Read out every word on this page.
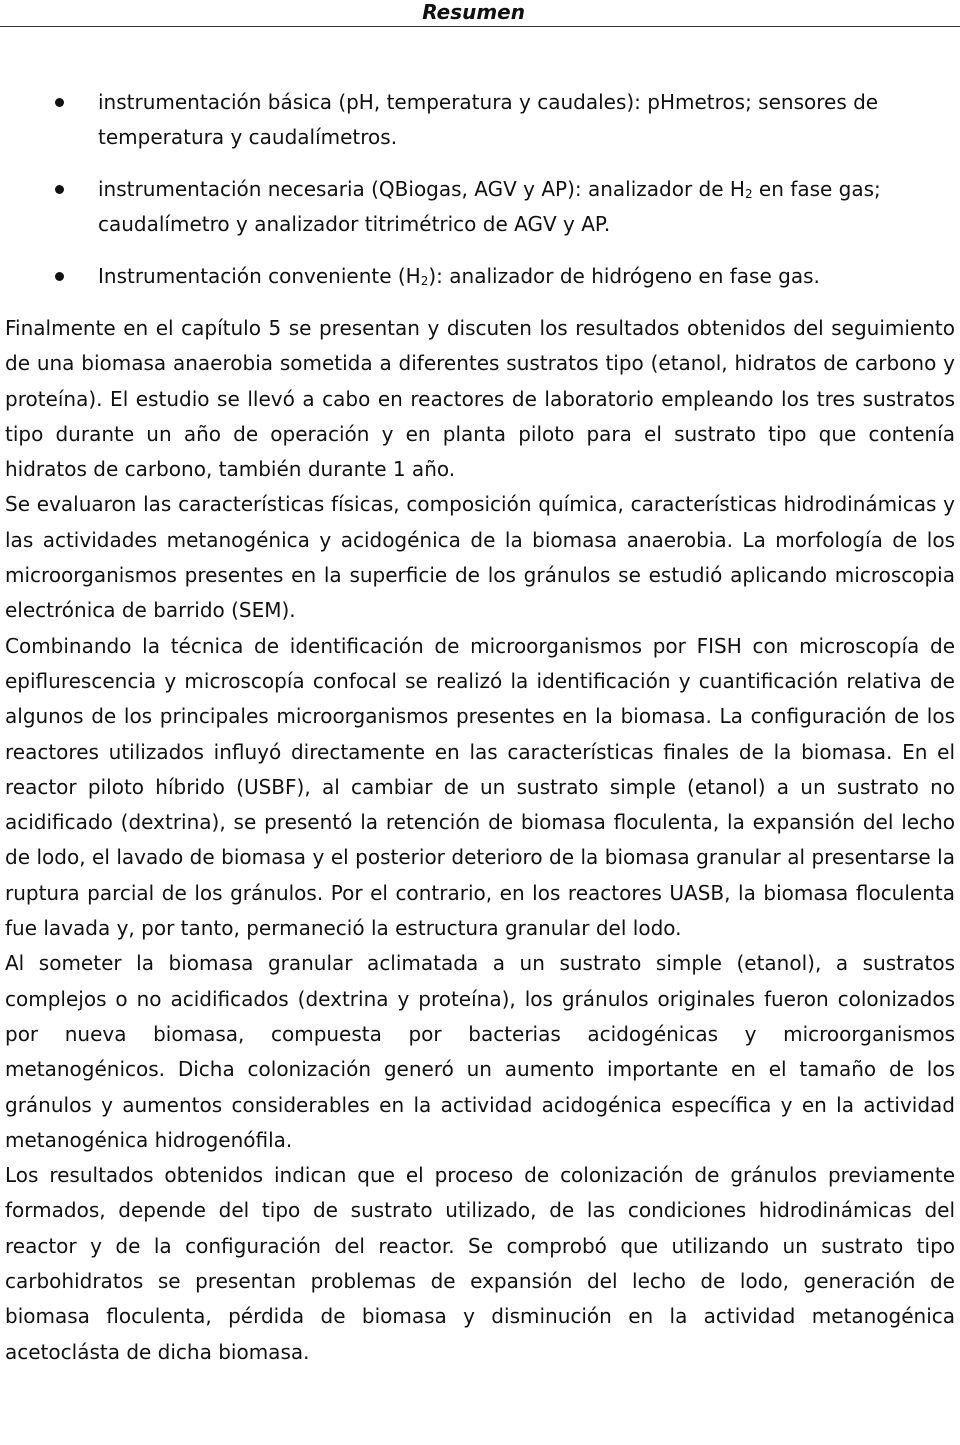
Resumen
instrumentación básica (pH, temperatura y caudales): pHmetros; sensores de temperatura y caudalímetros.
instrumentación necesaria (QBiogas, AGV y AP): analizador de $H_2$ en fase gas; caudalímetro y analizador titrimétrico de AGV y AP.
Instrumentación conveniente $(H_2)$: analizador de hidrógeno en fase gas.

Finalmente en el capítulo 5 se presentan y discuten los resultados obtenidos del seguimiento de una biomasa anaerobia sometida a diferentes sustratos tipo (etanol, hidratos de carbono y proteína). El estudio se llevó a cabo en reactores de laboratorio empleando los tres sustratos tipo durante un año de operación y en planta piloto para el sustrato tipo que contenía hidratos de carbono, también durante 1 año.

Se evaluaron las características físicas, composición química, características hidrodinámicas y las actividades metanogénica y acidogénica de la biomasa anaerobia. La morfología de los microorganismos presentes en la superficie de los gránulos se estudió aplicando microscopia electrónica de barrido (SEM).

Combinando la técnica de identificación de microorganismos por FISH con microscopía de epiflurescencia y microscopía confocal se realizó la identificación y cuantificación relativa de algunos de los principales microorganismos presentes en la biomasa. La configuración de los reactores utilizados influyó directamente en las características finales de la biomasa. En el reactor piloto híbrido (USBF), al cambiar de un sustrato simple (etanol) a un sustrato no acidificado (dextrina), se presentó la retención de biomasa floculenta, la expansión del lecho de lodo, el lavado de biomasa y el posterior deterioro de la biomasa granular al presentarse la ruptura parcial de los gránulos. Por el contrario, en los reactores UASB, la biomasa floculenta fue lavada y, por tanto, permaneció la estructura granular del lodo.

Al someter la biomasa granular aclimatada a un sustrato simple (etanol), a sustratos complejos o no acidificados (dextrina y proteína), los gránulos originales fueron colonizados por nueva biomasa, compuesta por bacterias acidogénicas y microorganismos metanogénicos. Dicha colonización generó un aumento importante en el tamaño de los gránulos y aumentos considerables en la actividad acidogénica específica y en la actividad metanogénica hidrogenófila.

Los resultados obtenidos indican que el proceso de colonización de gránulos previamente formados, depende del tipo de sustrato utilizado, de las condiciones hidrodinámicas del reactor y de la configuración del reactor. Se comprobó que utilizando un sustrato tipo carbohidratos se presentan problemas de expansión del lecho de lodo, generación de biomasa floculenta, pérdida de biomasa y disminución en la actividad metanogénica acetoclásta de dicha biomasa.
